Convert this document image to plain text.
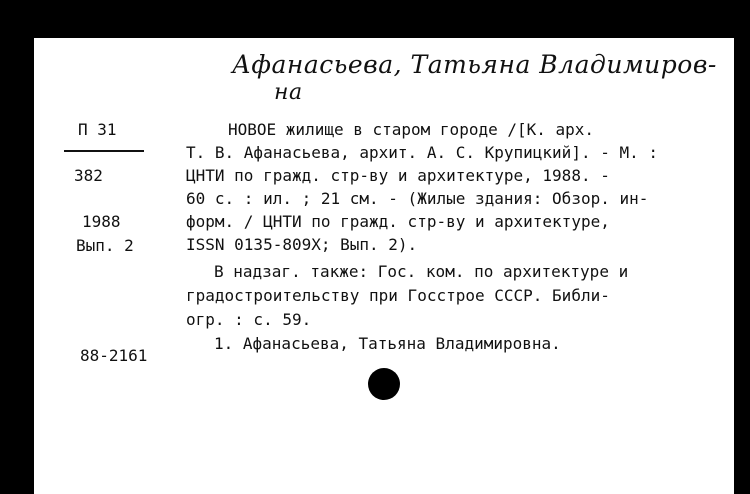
Афанасьева, Татьяна Владимиров-
на
П 31
382
1988
Вып. 2
88-2161
НОВОЕ жилище в старом городе /[К. арх.
Т. В. Афанасьева, архит. А. С. Крупицкий]. - М. :
ЦНТИ по гражд. стр-ву и архитектуре, 1988. -
60 с. : ил. ; 21 см. - (Жилые здания: Обзор. ин-
форм. / ЦНТИ по гражд. стр-ву и архитектуре,
ISSN 0135-809X; Вып. 2).
В надзаг. также: Гос. ком. по архитектуре и
градостроительству при Госстрое СССР. Библи-
огр. : с. 59.
1. Афанасьева, Татьяна Владимировна.
